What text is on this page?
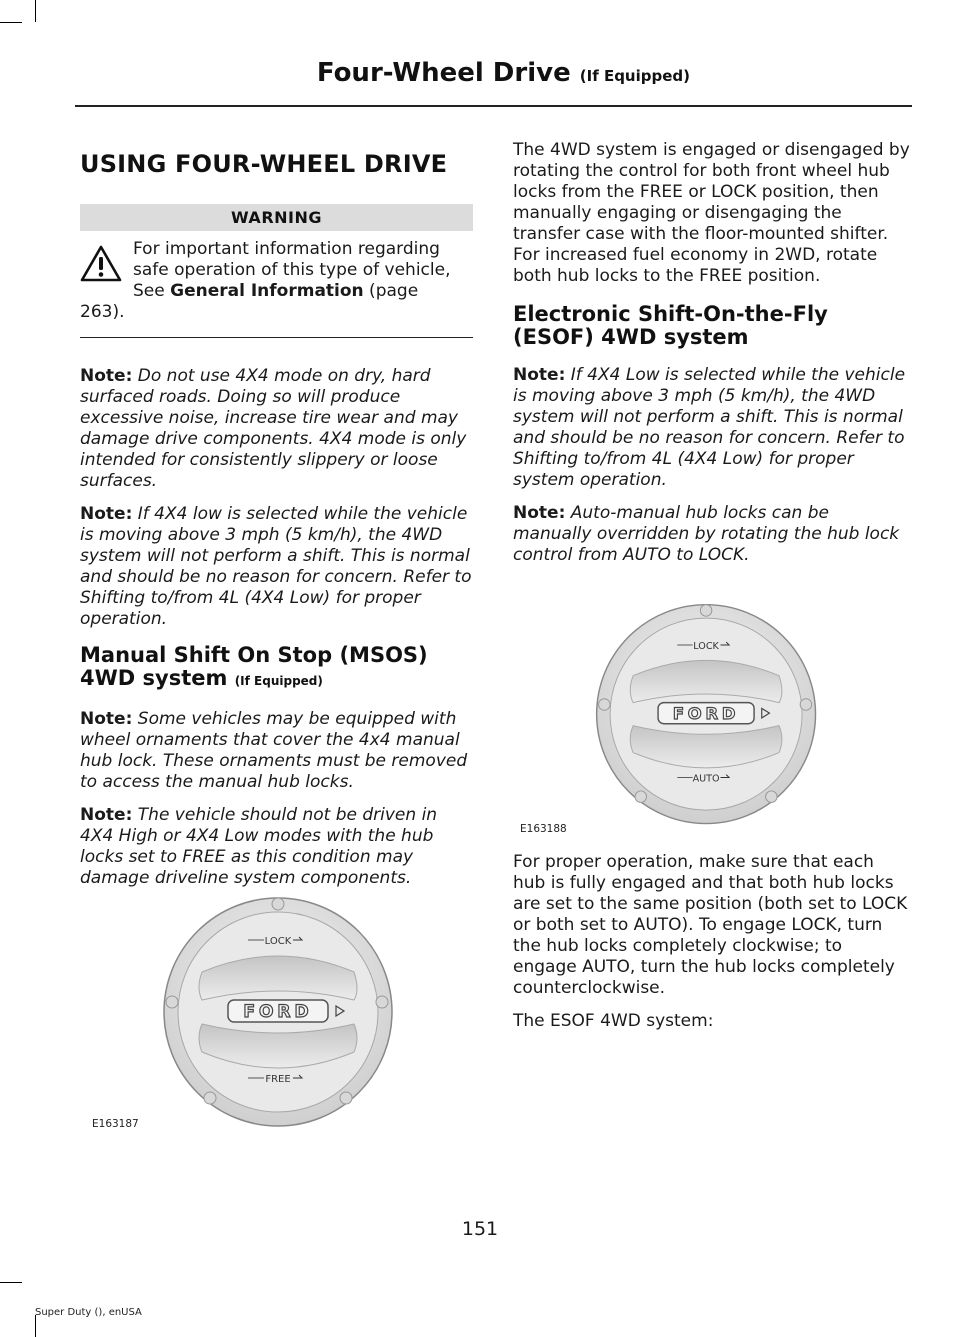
Four-Wheel Drive (If Equipped)
USING FOUR-WHEEL DRIVE
WARNING

For important information regarding

safe operation of this type of vehicle,

See General Information (page

263).

Note: Do not use 4X4 mode on dry, hard surfaced roads. Doing so will produce excessive noise, increase tire wear and may damage drive components. 4X4 mode is only intended for consistently slippery or loose surfaces.

Note: If 4X4 low is selected while the vehicle is moving above 3 mph (5 km/h), the 4WD system will not perform a shift. This is normal and should be no reason for concern. Refer to Shifting to/from 4L (4X4 Low) for proper operation.

Manual Shift On Stop (MSOS) 4WD system (If Equipped)

Note: Some vehicles may be equipped with wheel ornaments that cover the 4x4 manual hub lock. These ornaments must be removed to access the manual hub locks.

Note: The vehicle should not be driven in 4X4 High or 4X4 Low modes with the hub locks set to FREE as this condition may damage driveline system components.

FORD
LOCK
FREE
E163187

The 4WD system is engaged or disengaged by rotating the control for both front wheel hub locks from the FREE or LOCK position, then manually engaging or disengaging the transfer case with the floor-mounted shifter. For increased fuel economy in 2WD, rotate both hub locks to the FREE position.

Electronic Shift-On-the-Fly (ESOF) 4WD system

Note: If 4X4 Low is selected while the vehicle is moving above 3 mph (5 km/h), the 4WD system will not perform a shift. This is normal and should be no reason for concern. Refer to Shifting to/from 4L (4X4 Low) for proper system operation.

Note: Auto-manual hub locks can be manually overridden by rotating the hub lock control from AUTO to LOCK.

FORD
LOCK
AUTO
E163188

For proper operation, make sure that each hub is fully engaged and that both hub locks are set to the same position (both set to LOCK or both set to AUTO). To engage LOCK, turn the hub locks completely clockwise; to engage AUTO, turn the hub locks completely counterclockwise.

The ESOF 4WD system:

151
Super Duty (), enUSA
